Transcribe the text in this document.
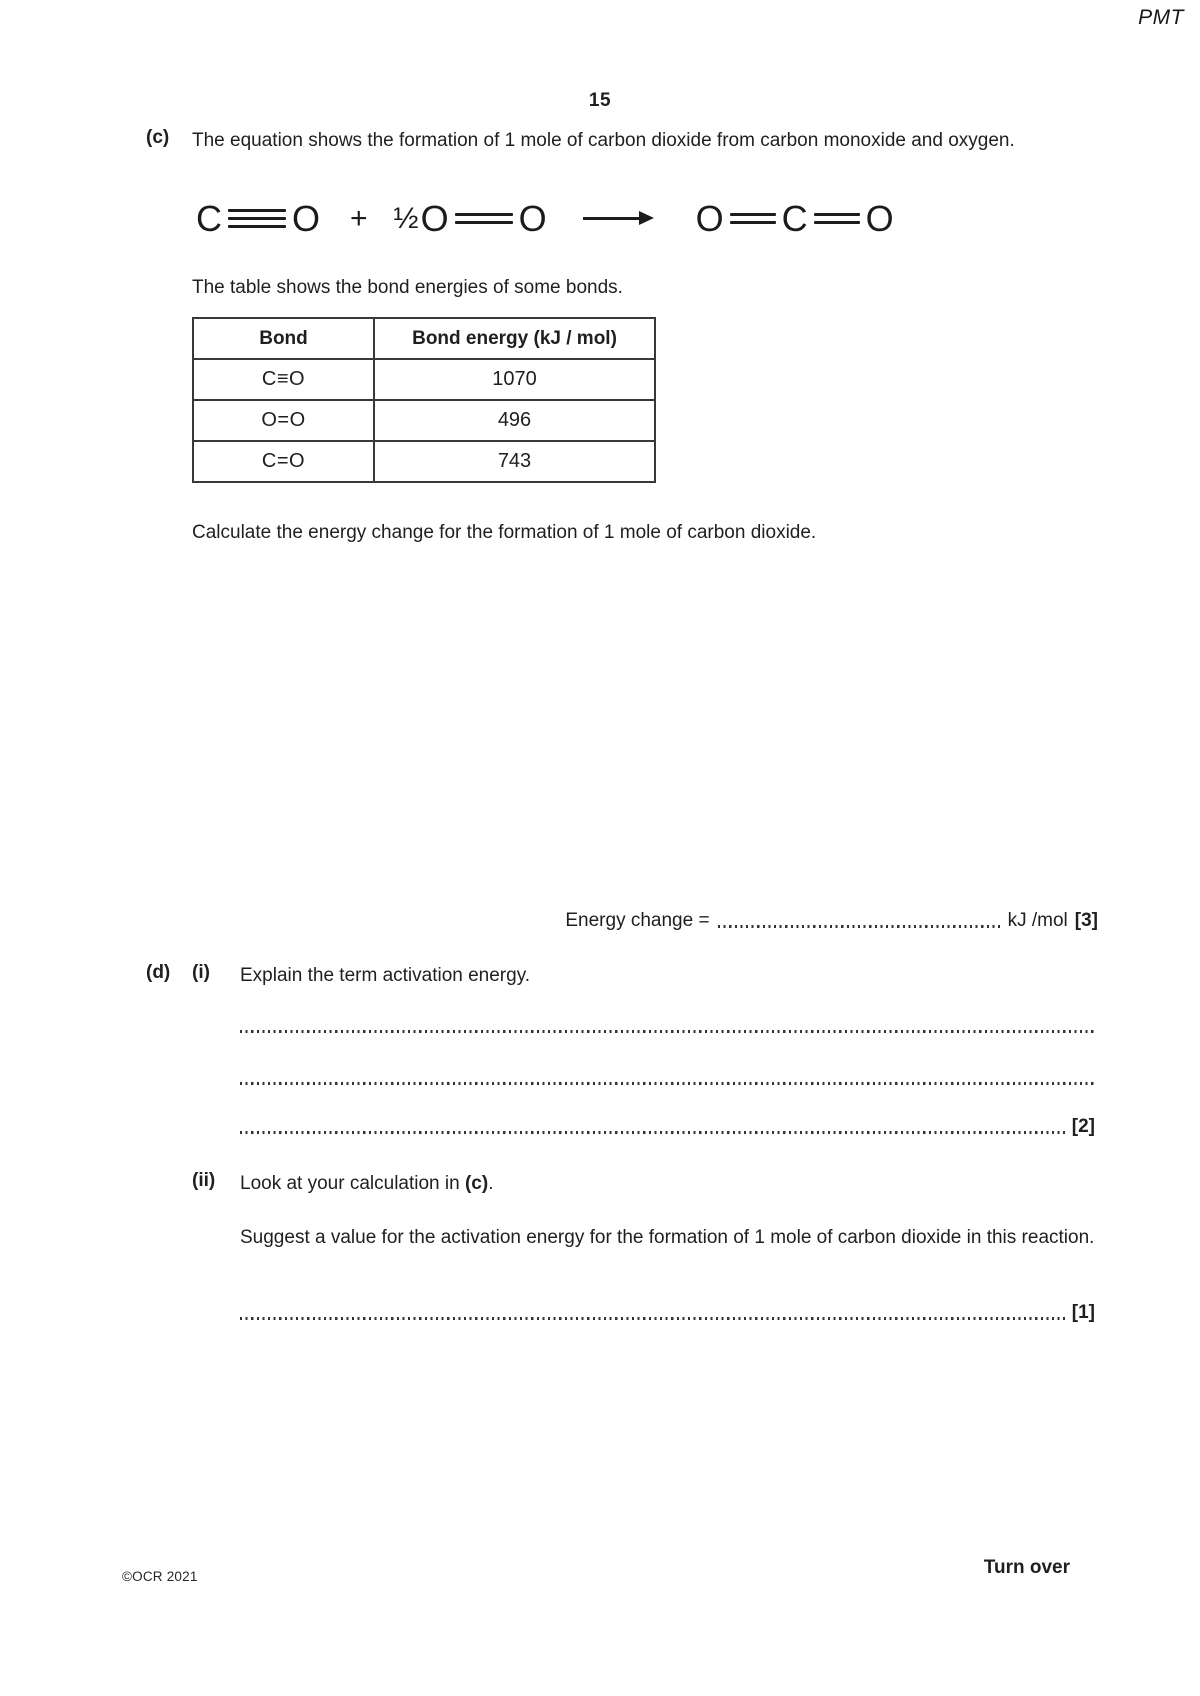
PMT
15
(c) The equation shows the formation of 1 mole of carbon dioxide from carbon monoxide and oxygen.
C O + ½ O O	O C O
The table shows the bond energies of some bonds.
Bond	Bond energy (kJ / mol)
C≡O	1070
O=O	496
C=O	743
Calculate the energy change for the formation of 1 mole of carbon dioxide.
Energy change =	kJ /mol [3]
(d) (i) Explain the term activation energy.
[2]
(ii) Look at your calculation in (c).
Suggest a value for the activation energy for the formation of 1 mole of carbon dioxide in this reaction.
[1]
©OCR 2021	Turn over
